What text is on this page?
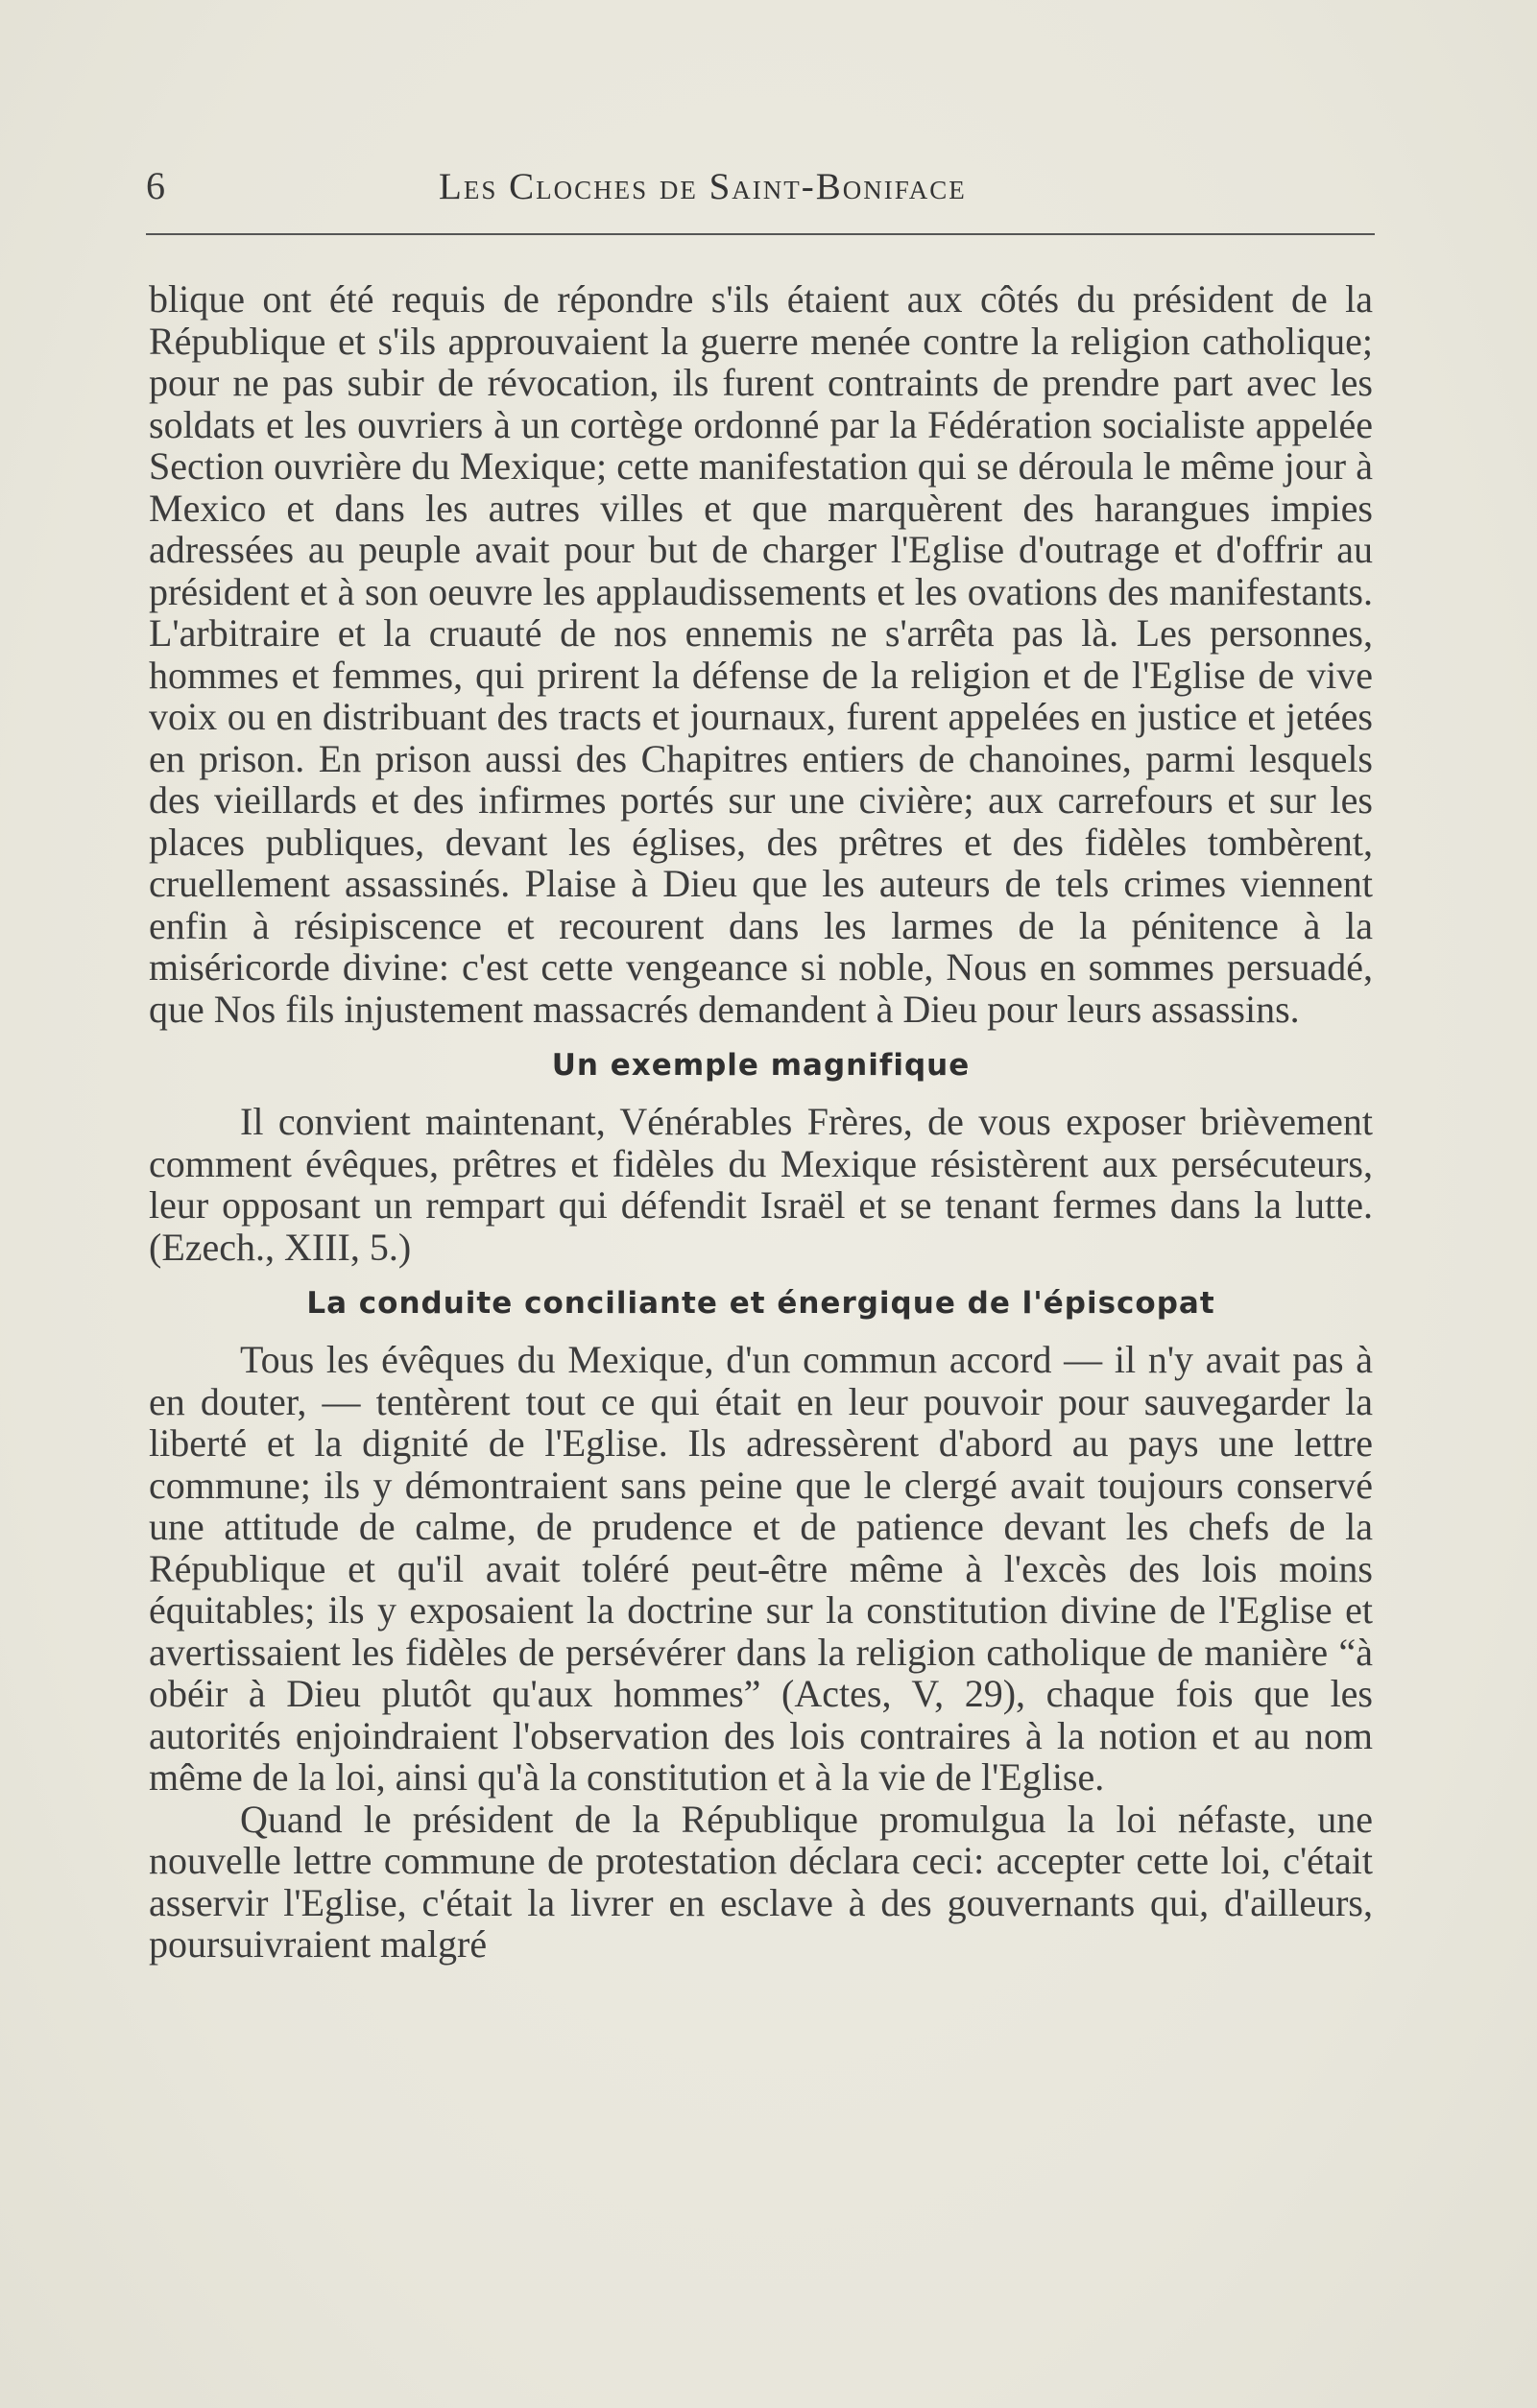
6	Les Cloches de Saint-Boniface

blique ont été requis de répondre s'ils étaient aux côtés du président de la République et s'ils approuvaient la guerre menée contre la religion catholique; pour ne pas subir de révocation, ils furent contraints de prendre part avec les soldats et les ouvriers à un cortège ordonné par la Fédération socialiste appelée Section ouvrière du Mexique; cette manifestation qui se déroula le même jour à Mexico et dans les autres villes et que marquèrent des harangues impies adressées au peuple avait pour but de charger l'Eglise d'outrage et d'offrir au président et à son oeuvre les applaudissements et les ovations des manifestants. L'arbitraire et la cruauté de nos ennemis ne s'arrêta pas là. Les personnes, hommes et femmes, qui prirent la défense de la religion et de l'Eglise de vive voix ou en distribuant des tracts et journaux, furent appelées en justice et jetées en prison. En prison aussi des Chapitres entiers de chanoines, parmi lesquels des vieillards et des infirmes portés sur une civière; aux carrefours et sur les places publiques, devant les églises, des prêtres et des fidèles tombèrent, cruellement assassinés. Plaise à Dieu que les auteurs de tels crimes viennent enfin à résipiscence et recourent dans les larmes de la pénitence à la miséricorde divine: c'est cette vengeance si noble, Nous en sommes persuadé, que Nos fils injustement massacrés demandent à Dieu pour leurs assassins.

Un exemple magnifique

Il convient maintenant, Vénérables Frères, de vous exposer brièvement comment évêques, prêtres et fidèles du Mexique résistèrent aux persécuteurs, leur opposant un rempart qui défendit Israël et se tenant fermes dans la lutte. (Ezech., XIII, 5.)

La conduite conciliante et énergique de l'épiscopat

Tous les évêques du Mexique, d'un commun accord — il n'y avait pas à en douter, — tentèrent tout ce qui était en leur pouvoir pour sauvegarder la liberté et la dignité de l'Eglise. Ils adressèrent d'abord au pays une lettre commune; ils y démontraient sans peine que le clergé avait toujours conservé une attitude de calme, de prudence et de patience devant les chefs de la République et qu'il avait toléré peut-être même à l'excès des lois moins équitables; ils y exposaient la doctrine sur la constitution divine de l'Eglise et avertissaient les fidèles de persévérer dans la religion catholique de manière “à obéir à Dieu plutôt qu'aux hommes” (Actes, V, 29), chaque fois que les autorités enjoindraient l'observation des lois contraires à la notion et au nom même de la loi, ainsi qu'à la constitution et à la vie de l'Eglise.

Quand le président de la République promulgua la loi néfaste, une nouvelle lettre commune de protestation déclara ceci: accepter cette loi, c'était asservir l'Eglise, c'était la livrer en esclave à des gouvernants qui, d'ailleurs, poursuivraient malgré
